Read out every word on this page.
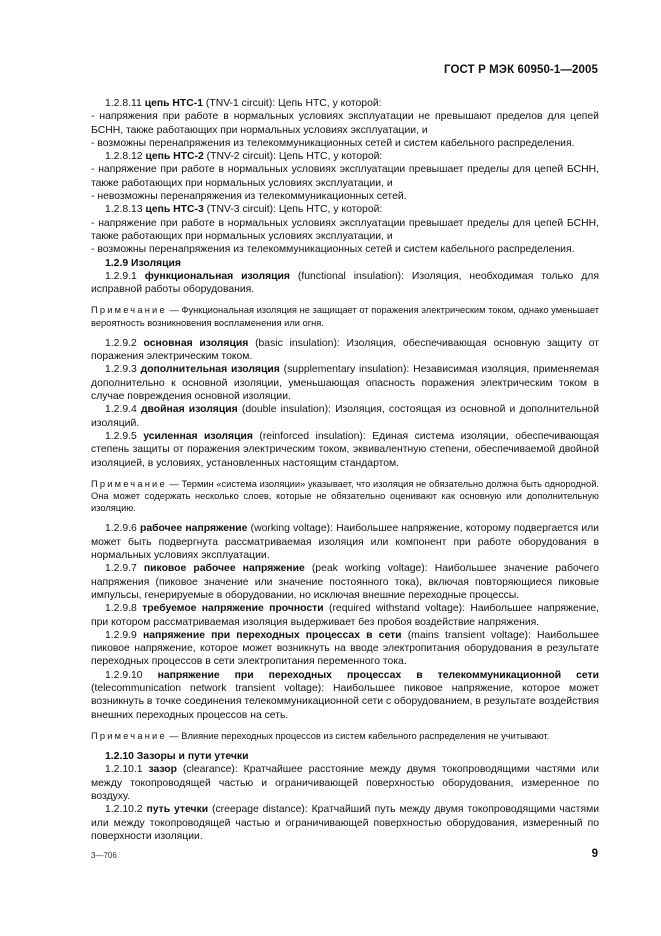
ГОСТ Р МЭК 60950-1—2005
1.2.8.11 цепь НТС-1 (TNV-1 circuit): Цепь НТС, у которой:
- напряжения при работе в нормальных условиях эксплуатации не превышают пределов для цепей БСНН, также работающих при нормальных условиях эксплуатации, и
- возможны перенапряжения из телекоммуникационных сетей и систем кабельного распределения.
1.2.8.12 цепь НТС-2 (TNV-2 circuit): Цепь НТС, у которой:
- напряжение при работе в нормальных условиях эксплуатации превышает пределы для цепей БСНН, также работающих при нормальных условиях эксплуатации, и
- невозможны перенапряжения из телекоммуникационных сетей.
1.2.8.13 цепь НТС-3 (TNV-3 circuit): Цепь НТС, у которой:
- напряжение при работе в нормальных условиях эксплуатации превышает пределы для цепей БСНН, также работающих при нормальных условиях эксплуатации, и
- возможны перенапряжения из телекоммуникационных сетей и систем кабельного распределения.
1.2.9 Изоляция
1.2.9.1 функциональная изоляция (functional insulation): Изоляция, необходимая только для исправной работы оборудования.
Примечание — Функциональная изоляция не защищает от поражения электрическим током, однако уменьшает вероятность возникновения воспламенения или огня.
1.2.9.2 основная изоляция (basic insulation): Изоляция, обеспечивающая основную защиту от поражения электрическим током.
1.2.9.3 дополнительная изоляция (supplementary insulation): Независимая изоляция, применяемая дополнительно к основной изоляции, уменьшающая опасность поражения электрическим током в случае повреждения основной изоляции.
1.2.9.4 двойная изоляция (double insulation): Изоляция, состоящая из основной и дополнительной изоляций.
1.2.9.5 усиленная изоляция (reinforced insulation): Единая система изоляции, обеспечивающая степень защиты от поражения электрическим током, эквивалентную степени, обеспечиваемой двойной изоляцией, в условиях, установленных настоящим стандартом.
Примечание — Термин «система изоляции» указывает, что изоляция не обязательно должна быть однородной. Она может содержать несколько слоев, которые не обязательно оценивают как основную или дополнительную изоляцию.
1.2.9.6 рабочее напряжение (working voltage): Наибольшее напряжение, которому подвергается или может быть подвергнута рассматриваемая изоляция или компонент при работе оборудования в нормальных условиях эксплуатации.
1.2.9.7 пиковое рабочее напряжение (peak working voltage): Наибольшее значение рабочего напряжения (пиковое значение или значение постоянного тока), включая повторяющиеся пиковые импульсы, генерируемые в оборудовании, но исключая внешние переходные процессы.
1.2.9.8 требуемое напряжение прочности (required withstand voltage): Наибольшее напряжение, при котором рассматриваемая изоляция выдерживает без пробоя воздействие напряжения.
1.2.9.9 напряжение при переходных процессах в сети (mains transient voltage): Наибольшее пиковое напряжение, которое может возникнуть на вводе электропитания оборудования в результате переходных процессов в сети электропитания переменного тока.
1.2.9.10 напряжение при переходных процессах в телекоммуникационной сети (telecommunication network transient voltage): Наибольшее пиковое напряжение, которое может возникнуть в точке соединения телекоммуникационной сети с оборудованием, в результате воздействия внешних переходных процессов на сеть.
Примечание — Влияние переходных процессов из систем кабельного распределения не учитывают.
1.2.10 Зазоры и пути утечки
1.2.10.1 зазор (clearance): Кратчайшее расстояние между двумя токопроводящими частями или между токопроводящей частью и ограничивающей поверхностью оборудования, измеренное по воздуху.
1.2.10.2 путь утечки (creepage distance): Кратчайший путь между двумя токопроводящими частями или между токопроводящей частью и ограничивающей поверхностью оборудования, измеренный по поверхности изоляции.
3—706	9
